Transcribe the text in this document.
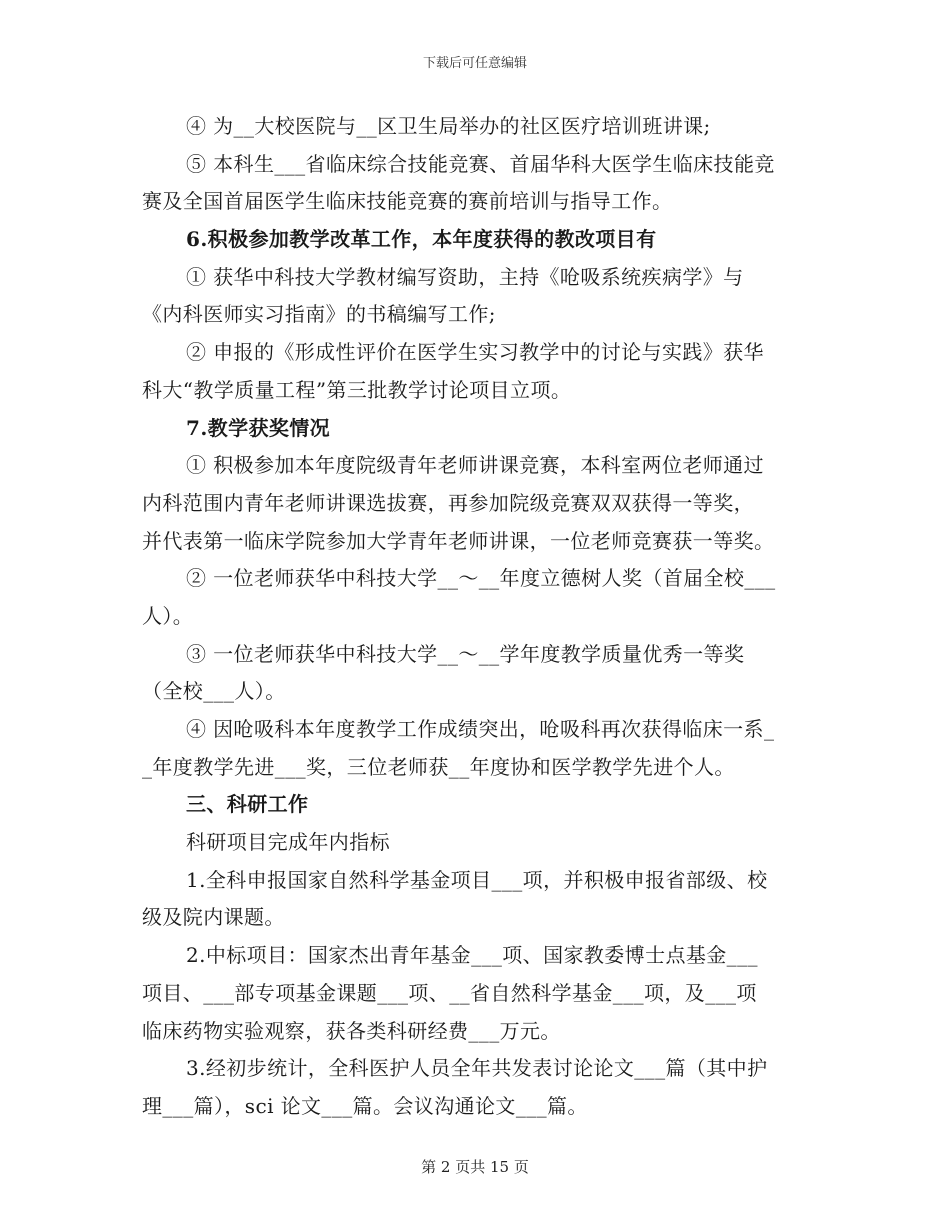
下载后可任意编辑
④ 为__大校医院与__区卫生局举办的社区医疗培训班讲课;
⑤ 本科生___省临床综合技能竞赛、首届华科大医学生临床技能竞
赛及全国首届医学生临床技能竞赛的赛前培训与指导工作。
6.积极参加教学改革工作，本年度获得的教改项目有
① 获华中科技大学教材编写资助，主持《呛吸系统疾病学》与
《内科医师实习指南》的书稿编写工作;
② 申报的《形成性评价在医学生实习教学中的讨论与实践》获华
科大“教学质量工程”第三批教学讨论项目立项。
7.教学获奖情况
① 积极参加本年度院级青年老师讲课竞赛，本科室两位老师通过
内科范围内青年老师讲课选拔赛，再参加院级竞赛双双获得一等奖，
并代表第一临床学院参加大学青年老师讲课，一位老师竞赛获一等奖。
② 一位老师获华中科技大学__～__年度立德树人奖（首届全校___
人）。
③ 一位老师获华中科技大学__～__学年度教学质量优秀一等奖
（全校___人）。
④ 因呛吸科本年度教学工作成绩突出，呛吸科再次获得临床一系_
_年度教学先进___奖，三位老师获__年度协和医学教学先进个人。
三、科研工作
科研项目完成年内指标
1.全科申报国家自然科学基金项目___项，并积极申报省部级、校
级及院内课题。
2.中标项目：国家杰出青年基金___项、国家教委博士点基金___
项目、___部专项基金课题___项、__省自然科学基金___项，及___项
临床药物实验观察，获各类科研经费___万元。
3.经初步统计，全科医护人员全年共发表讨论论文___篇（其中护
理___篇），sci 论文___篇。会议沟通论文___篇。
第 2 页共 15 页
